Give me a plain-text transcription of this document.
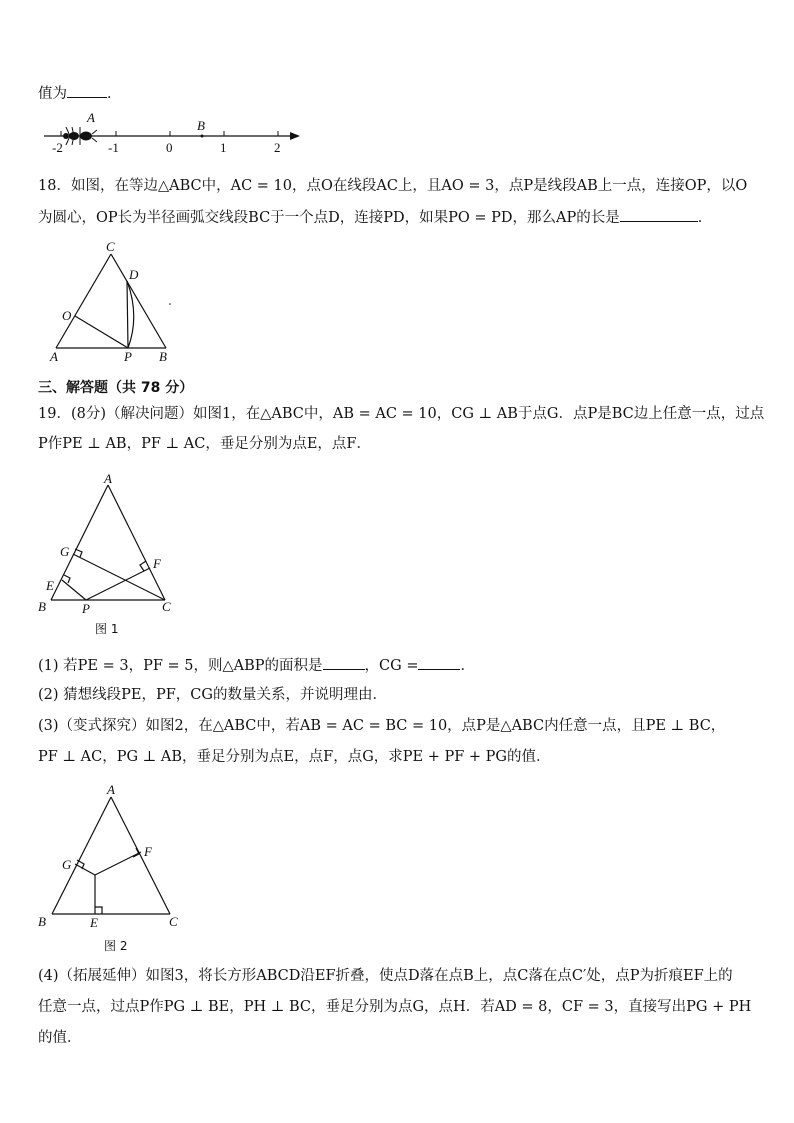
值为	．
-2	-1	0	1	2
A
B
18．如图，在等边△ABC中，AC = 10，点O在线段AC上，且AO = 3，点P是线段AB上一点，连接OP，以O
为圆心，OP长为半径画弧交线段BC于一个点D，连接PD，如果PO = PD，那么AP的长是	．
C
D
O
A	P B
三、解答题（共 78 分）
19．(8分)（解决问题）如图1，在△ABC中，AB = AC = 10，CG ⊥ AB于点G．点P是BC边上任意一点，过点
P作PE ⊥ AB，PF ⊥ AC，垂足分别为点E，点F．
A
G
F
E
B	P	C
图 1
(1) 若PE = 3，PF = 5，则△ABP的面积是	，CG =	．
(2) 猜想线段PE，PF，CG的数量关系，并说明理由．
(3)（变式探究）如图2，在△ABC中，若AB = AC = BC = 10，点P是△ABC内任意一点，且PE ⊥ BC，
PF ⊥ AC，PG ⊥ AB，垂足分别为点E，点F，点G，求PE + PF + PG的值．
A
G
F
B	E	C
图 2
(4)（拓展延伸）如图3，将长方形ABCD沿EF折叠，使点D落在点B上，点C落在点C′处，点P为折痕EF上的
任意一点，过点P作PG ⊥ BE，PH ⊥ BC，垂足分别为点G，点H．若AD = 8，CF = 3，直接写出PG + PH
的值．
